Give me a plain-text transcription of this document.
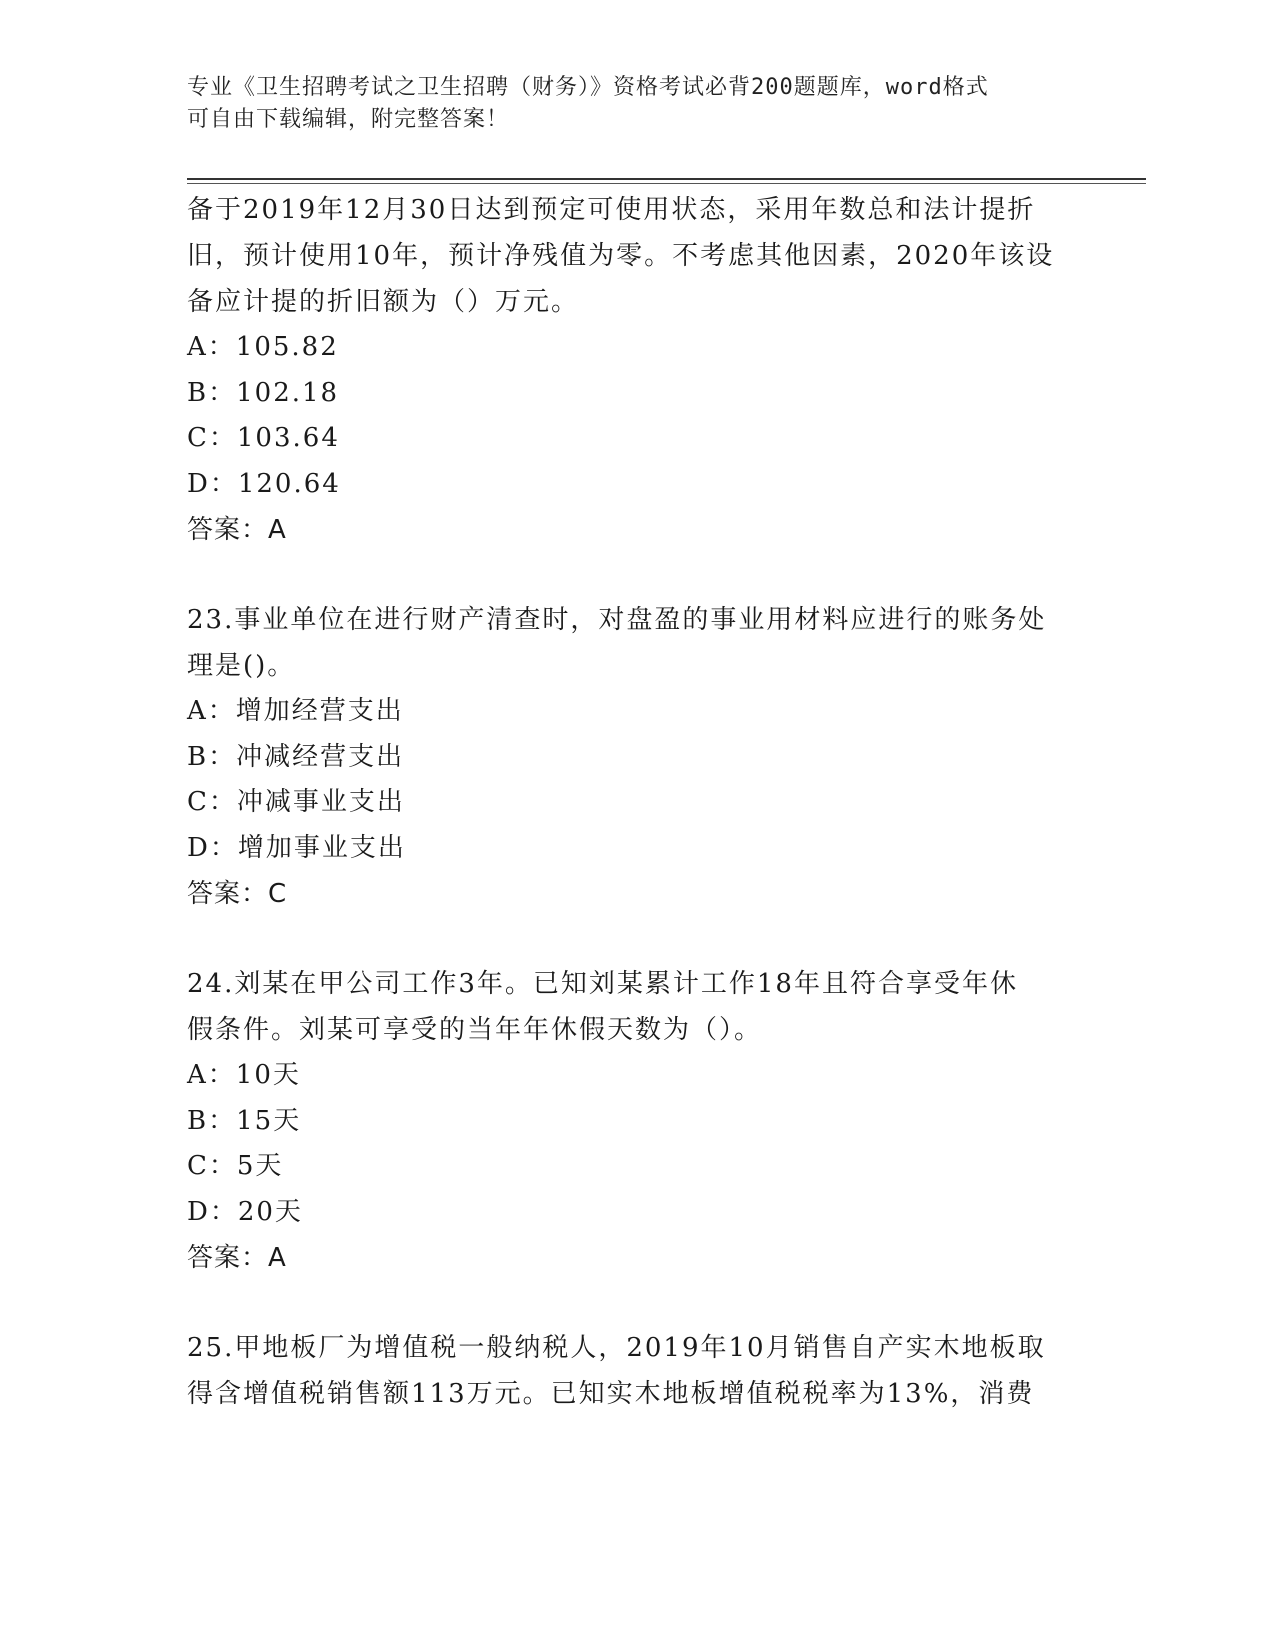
专业《卫生招聘考试之卫生招聘（财务）》资格考试必背200题题库，word格式
可自由下载编辑，附完整答案！

备于2019年12月30日达到预定可使用状态，采用年数总和法计提折

旧，预计使用10年，预计净残值为零。不考虑其他因素，2020年该设

备应计提的折旧额为（）万元。

A：105.82

B：102.18

C：103.64

D：120.64

答案：A

23.事业单位在进行财产清查时，对盘盈的事业用材料应进行的账务处

理是()。

A：增加经营支出

B：冲减经营支出

C：冲减事业支出

D：增加事业支出

答案：C

24.刘某在甲公司工作3年。已知刘某累计工作18年且符合享受年休

假条件。刘某可享受的当年年休假天数为（）。

A：10天

B：15天

C：5天

D：20天

答案：A

25.甲地板厂为增值税一般纳税人，2019年10月销售自产实木地板取

得含增值税销售额113万元。已知实木地板增值税税率为13%，消费
